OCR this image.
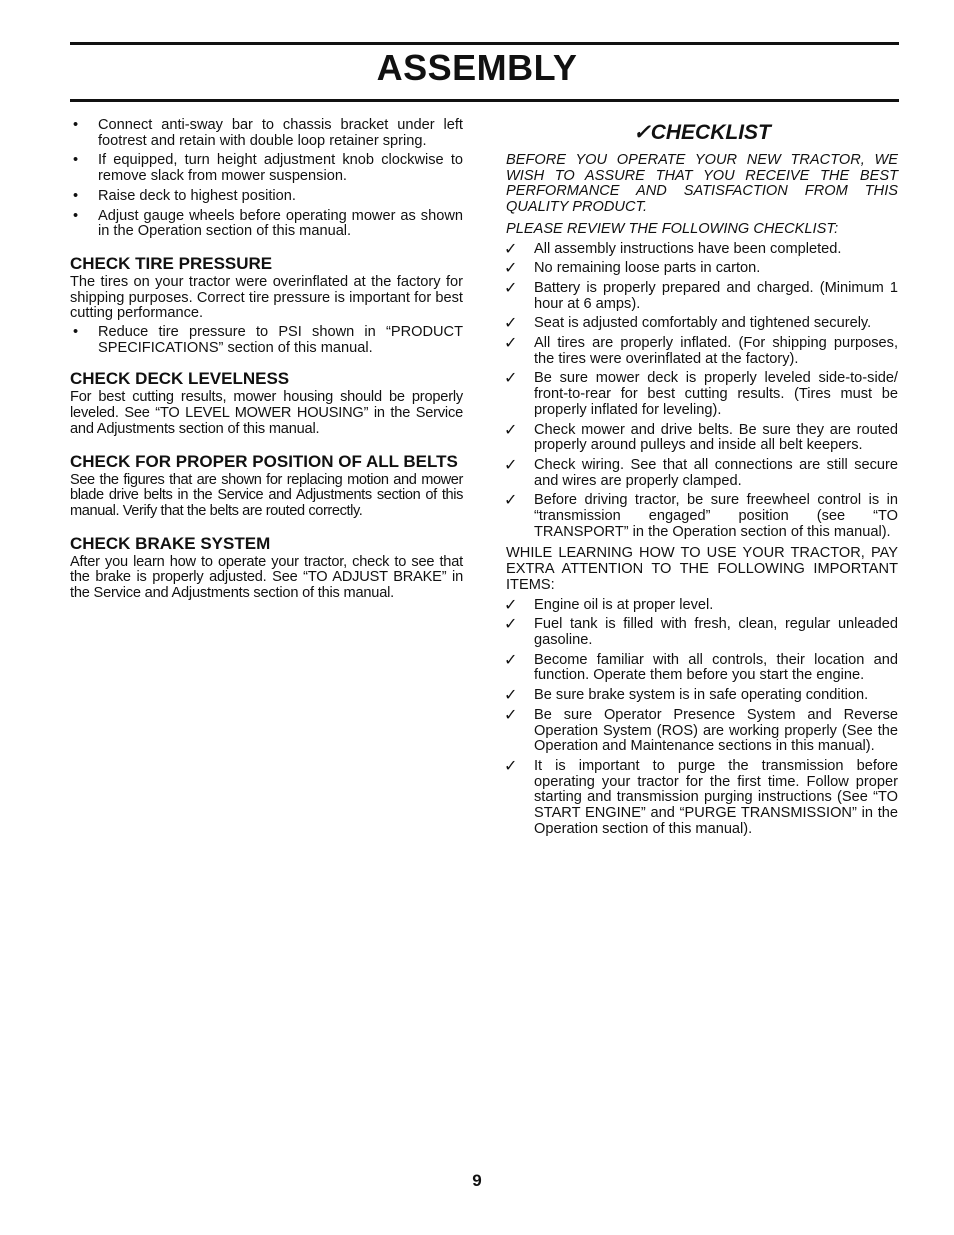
ASSEMBLY
• Connect anti-sway bar to chassis bracket under left footrest and retain with double loop retainer spring.
• If equipped, turn height adjustment knob clockwise to remove slack from mower suspension.
• Raise deck to highest position.
• Adjust gauge wheels before operating mower as shown in the Operation section of this manual.
CHECK TIRE PRESSURE

The tires on your tractor were overinflated at the factory for shipping purposes. Correct tire pressure is important for best cutting performance.

• Reduce tire pressure to PSI shown in “PRODUCT SPECIFICATIONS” section of this manual.
CHECK DECK LEVELNESS

For best cutting results, mower housing should be properly leveled. See “TO LEVEL MOWER HOUSING” in the Service and Adjustments section of this manual.

CHECK FOR PROPER POSITION OF ALL BELTS

See the figures that are shown for replacing motion and mower blade drive belts in the Service and Adjustments section of this manual. Verify that the belts are routed correctly.

CHECK BRAKE SYSTEM

After you learn how to operate your tractor, check to see that the brake is properly adjusted. See “TO ADJUST BRAKE” in the Service and Adjustments section of this manual.

✓CHECKLIST

BEFORE YOU OPERATE YOUR NEW TRACTOR, WE WISH TO ASSURE THAT YOU RECEIVE THE BEST PERFORMANCE AND SATISFACTION FROM THIS QUALITY PRODUCT.

PLEASE REVIEW THE FOLLOWING CHECKLIST:

✓ All assembly instructions have been completed.
✓ No remaining loose parts in carton.
✓ Battery is properly prepared and charged. (Minimum 1 hour at 6 amps).
✓ Seat is adjusted comfortably and tightened securely.
✓ All tires are properly inflated. (For shipping purposes, the tires were overinflated at the factory).
✓ Be sure mower deck is properly leveled side-to-side/ front-to-rear for best cutting results. (Tires must be properly inflated for leveling).
✓ Check mower and drive belts. Be sure they are routed properly around pulleys and inside all belt keepers.
✓ Check wiring. See that all connections are still secure and wires are properly clamped.
✓ Before driving tractor, be sure freewheel control is in “transmission engaged” position (see “TO TRANSPORT” in the Operation section of this manual).

WHILE LEARNING HOW TO USE YOUR TRACTOR, PAY EXTRA ATTENTION TO THE FOLLOWING IMPORTANT ITEMS:

✓ Engine oil is at proper level.
✓ Fuel tank is filled with fresh, clean, regular unleaded gasoline.
✓ Become familiar with all controls, their location and function. Operate them before you start the engine.
✓ Be sure brake system is in safe operating condition.
✓ Be sure Operator Presence System and Reverse Operation System (ROS) are working properly (See the Operation and Maintenance sections in this manual).
✓ It is important to purge the transmission before operating your tractor for the first time. Follow proper starting and transmission purging instructions (See “TO START ENGINE” and “PURGE TRANSMISSION” in the Operation section of this manual).
9
